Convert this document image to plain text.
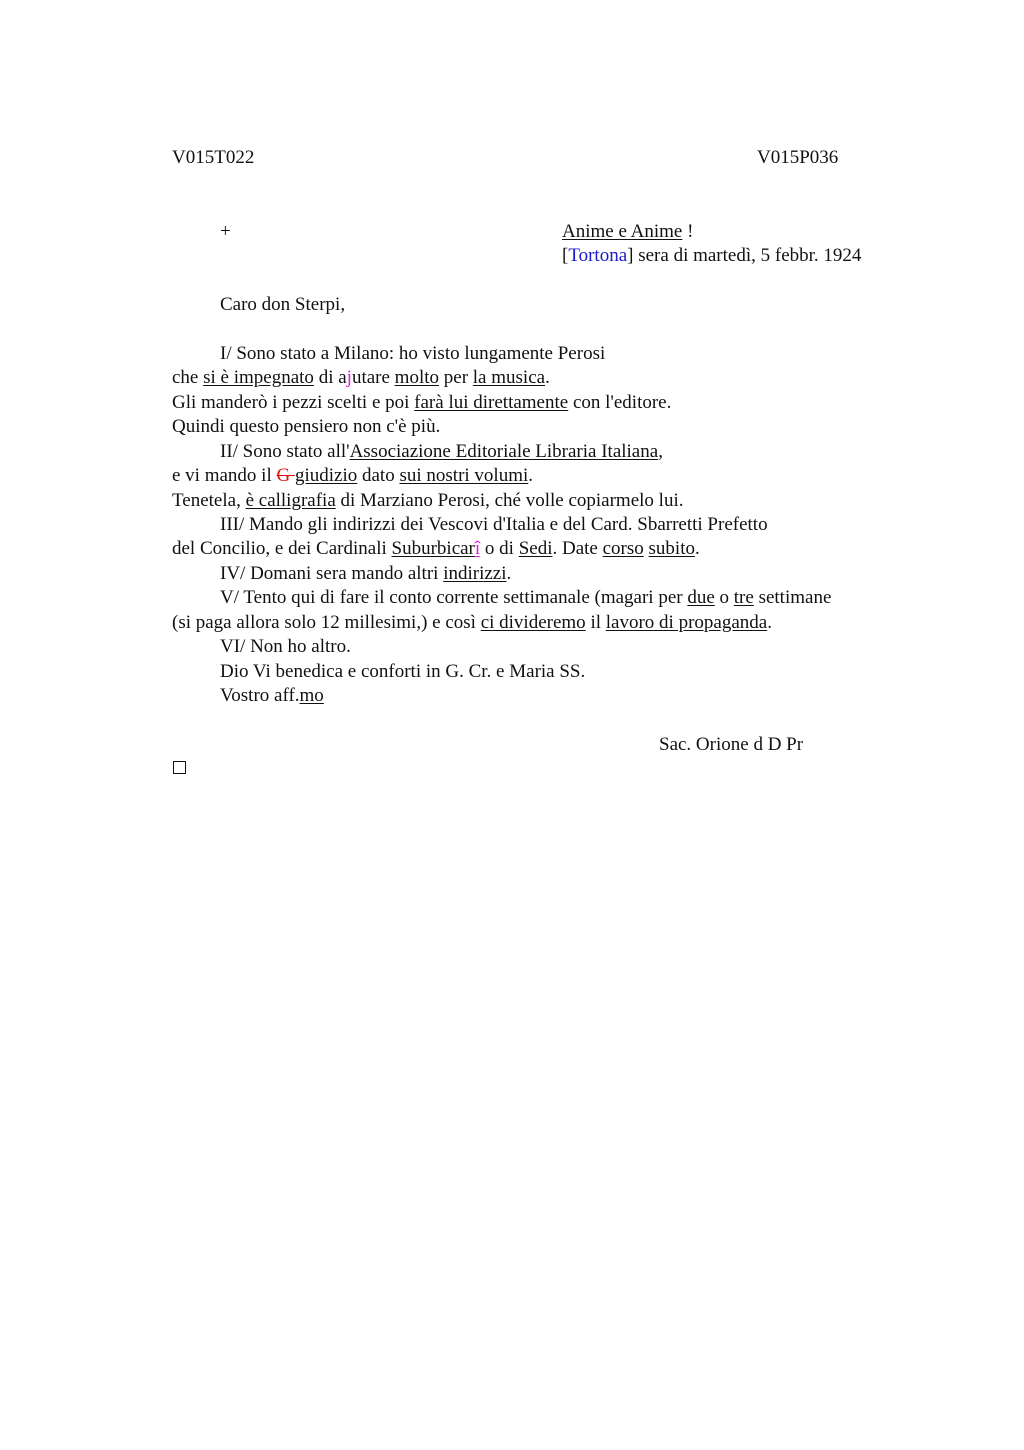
V015T022	V015P036
+	Anime e Anime !
[Tortona] sera di martedì, 5 febbr. 1924
Caro don Sterpi,
I/ Sono stato a Milano: ho visto lungamente Perosi
che si è impegnato di ajutare molto per la musica.
Gli manderò i pezzi scelti e poi farà lui direttamente con l'editore.
Quindi questo pensiero non c'è più.
II/ Sono stato all'Associazione Editoriale Libraria Italiana,
e vi mando il G giudizio dato sui nostri volumi.
Tenetela, è calligrafia di Marziano Perosi, ché volle copiarmelo lui.
III/ Mando gli indirizzi dei Vescovi d'Italia e del Card. Sbarretti Prefetto
del Concilio, e dei Cardinali Suburbicarî o di Sedi. Date corso subito.
IV/ Domani sera mando altri indirizzi.
V/ Tento qui di fare il conto corrente settimanale (magari per due o tre settimane
(si paga allora solo 12 millesimi,) e così ci divideremo il lavoro di propaganda.
VI/ Non ho altro.
Dio Vi benedica e conforti in G. Cr. e Maria SS.
Vostro aff.mo
Sac. Orione d D Pr
